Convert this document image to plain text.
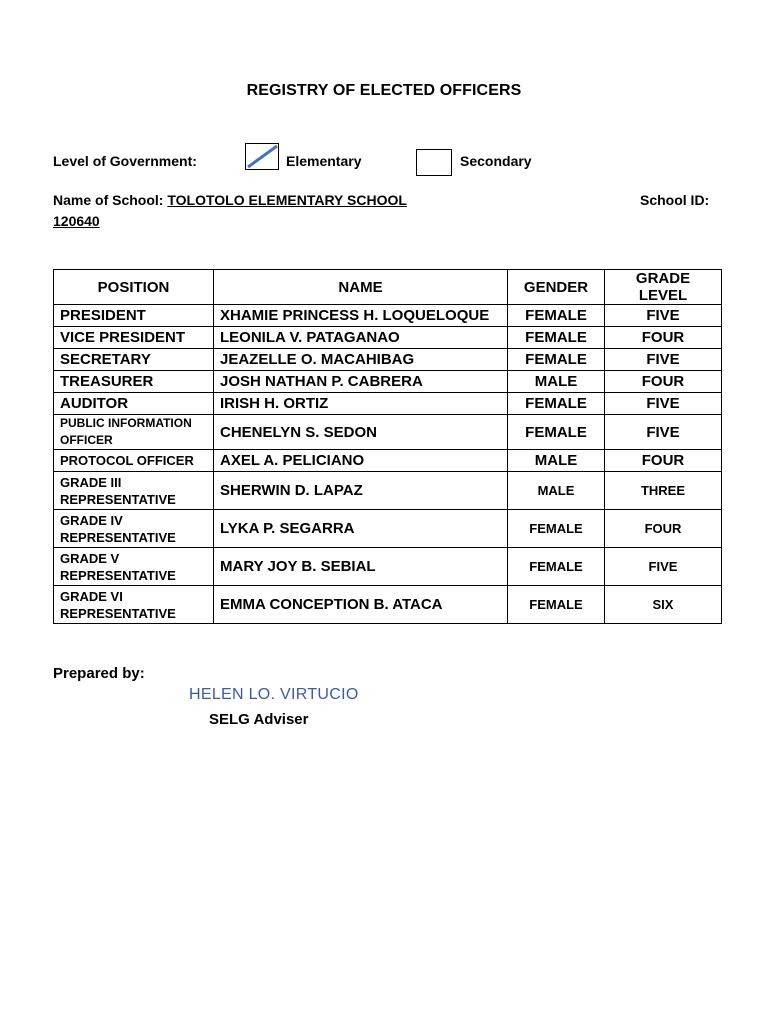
REGISTRY OF ELECTED OFFICERS
Level of Government:	Elementary	Secondary
Name of School: TOLOTOLO ELEMENTARY SCHOOL	School ID:
120640
POSITION	NAME	GENDER	GRADE LEVEL
PRESIDENT	XHAMIE PRINCESS H. LOQUELOQUE	FEMALE	FIVE
VICE PRESIDENT	LEONILA V. PATAGANAO	FEMALE	FOUR
SECRETARY	JEAZELLE O. MACAHIBAG	FEMALE	FIVE
TREASURER	JOSH NATHAN P. CABRERA	MALE	FOUR
AUDITOR	IRISH H. ORTIZ	FEMALE	FIVE
PUBLIC INFORMATION OFFICER	CHENELYN S. SEDON	FEMALE	FIVE
PROTOCOL OFFICER	AXEL A. PELICIANO	MALE	FOUR
GRADE III REPRESENTATIVE	SHERWIN D. LAPAZ	MALE	THREE
GRADE IV REPRESENTATIVE	LYKA P. SEGARRA	FEMALE	FOUR
GRADE V REPRESENTATIVE	MARY JOY B. SEBIAL	FEMALE	FIVE
GRADE VI REPRESENTATIVE	EMMA CONCEPTION B. ATACA	FEMALE	SIX
Prepared by:
HELEN LO. VIRTUCIO
SELG Adviser
